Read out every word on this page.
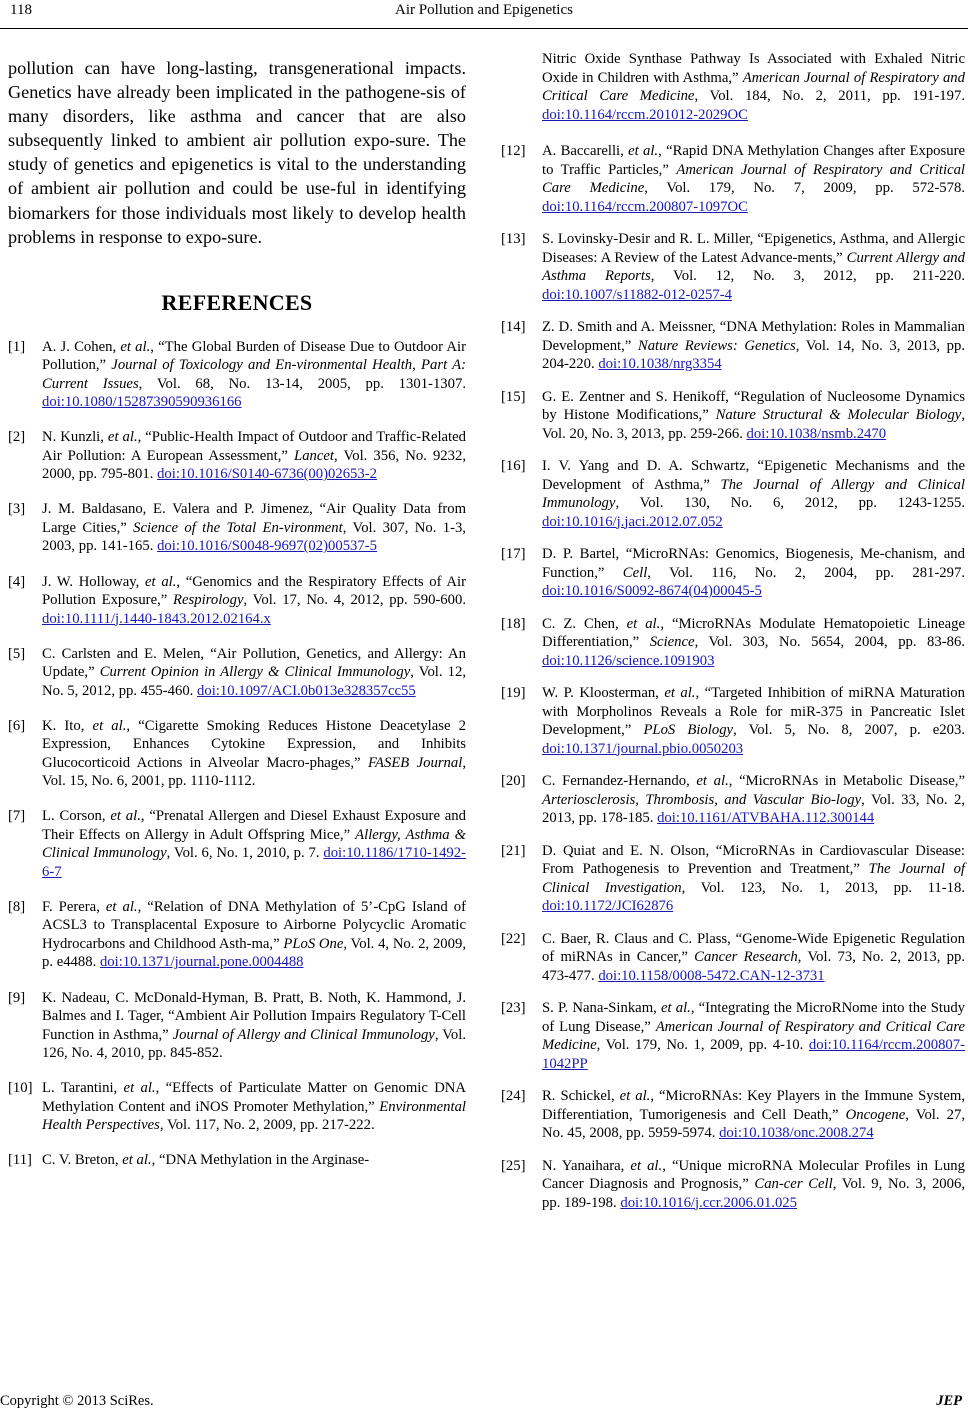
118	Air Pollution and Epigenetics

pollution can have long-lasting, transgenerational impacts. Genetics have already been implicated in the pathogene-sis of many disorders, like asthma and cancer that are also subsequently linked to ambient air pollution expo-sure. The study of genetics and epigenetics is vital to the understanding of ambient air pollution and could be use-ful in identifying biomarkers for those individuals most likely to develop health problems in response to expo-sure.

REFERENCES
[1] A. J. Cohen, et al., “The Global Burden of Disease Due to Outdoor Air Pollution,” Journal of Toxicology and En-vironmental Health, Part A: Current Issues, Vol. 68, No. 13-14, 2005, pp. 1301-1307. doi:10.1080/15287390590936166
[2] N. Kunzli, et al., “Public-Health Impact of Outdoor and Traffic-Related Air Pollution: A European Assessment,” Lancet, Vol. 356, No. 9232, 2000, pp. 795-801. doi:10.1016/S0140-6736(00)02653-2
[3] J. M. Baldasano, E. Valera and P. Jimenez, “Air Quality Data from Large Cities,” Science of the Total En-vironment, Vol. 307, No. 1-3, 2003, pp. 141-165. doi:10.1016/S0048-9697(02)00537-5
[4] J. W. Holloway, et al., “Genomics and the Respiratory Effects of Air Pollution Exposure,” Respirology, Vol. 17, No. 4, 2012, pp. 590-600. doi:10.1111/j.1440-1843.2012.02164.x
[5] C. Carlsten and E. Melen, “Air Pollution, Genetics, and Allergy: An Update,” Current Opinion in Allergy & Clinical Immunology, Vol. 12, No. 5, 2012, pp. 455-460. doi:10.1097/ACI.0b013e328357cc55
[6] K. Ito, et al., “Cigarette Smoking Reduces Histone Deacetylase 2 Expression, Enhances Cytokine Expression, and Inhibits Glucocorticoid Actions in Alveolar Macro-phages,” FASEB Journal, Vol. 15, No. 6, 2001, pp. 1110-1112.
[7] L. Corson, et al., “Prenatal Allergen and Diesel Exhaust Exposure and Their Effects on Allergy in Adult Offspring Mice,” Allergy, Asthma & Clinical Immunology, Vol. 6, No. 1, 2010, p. 7. doi:10.1186/1710-1492-6-7
[8] F. Perera, et al., “Relation of DNA Methylation of 5’-CpG Island of ACSL3 to Transplacental Exposure to Airborne Polycyclic Aromatic Hydrocarbons and Childhood Asth-ma,” PLoS One, Vol. 4, No. 2, 2009, p. e4488. doi:10.1371/journal.pone.0004488
[9] K. Nadeau, C. McDonald-Hyman, B. Pratt, B. Noth, K. Hammond, J. Balmes and I. Tager, “Ambient Air Pollution Impairs Regulatory T-Cell Function in Asthma,” Journal of Allergy and Clinical Immunology, Vol. 126, No. 4, 2010, pp. 845-852.
[10] L. Tarantini, et al., “Effects of Particulate Matter on Genomic DNA Methylation Content and iNOS Promoter Methylation,” Environmental Health Perspectives, Vol. 117, No. 2, 2009, pp. 217-222.
[11] C. V. Breton, et al., “DNA Methylation in the Arginase-
Nitric Oxide Synthase Pathway Is Associated with Exhaled Nitric Oxide in Children with Asthma,” American Journal of Respiratory and Critical Care Medicine, Vol. 184, No. 2, 2011, pp. 191-197. doi:10.1164/rccm.201012-2029OC
[12] A. Baccarelli, et al., “Rapid DNA Methylation Changes after Exposure to Traffic Particles,” American Journal of Respiratory and Critical Care Medicine, Vol. 179, No. 7, 2009, pp. 572-578. doi:10.1164/rccm.200807-1097OC
[13] S. Lovinsky-Desir and R. L. Miller, “Epigenetics, Asthma, and Allergic Diseases: A Review of the Latest Advance-ments,” Current Allergy and Asthma Reports, Vol. 12, No. 3, 2012, pp. 211-220. doi:10.1007/s11882-012-0257-4
[14] Z. D. Smith and A. Meissner, “DNA Methylation: Roles in Mammalian Development,” Nature Reviews: Genetics, Vol. 14, No. 3, 2013, pp. 204-220. doi:10.1038/nrg3354
[15] G. E. Zentner and S. Henikoff, “Regulation of Nucleosome Dynamics by Histone Modifications,” Nature Structural & Molecular Biology, Vol. 20, No. 3, 2013, pp. 259-266. doi:10.1038/nsmb.2470
[16] I. V. Yang and D. A. Schwartz, “Epigenetic Mechanisms and the Development of Asthma,” The Journal of Allergy and Clinical Immunology, Vol. 130, No. 6, 2012, pp. 1243-1255. doi:10.1016/j.jaci.2012.07.052
[17] D. P. Bartel, “MicroRNAs: Genomics, Biogenesis, Me-chanism, and Function,” Cell, Vol. 116, No. 2, 2004, pp. 281-297. doi:10.1016/S0092-8674(04)00045-5
[18] C. Z. Chen, et al., “MicroRNAs Modulate Hematopoietic Lineage Differentiation,” Science, Vol. 303, No. 5654, 2004, pp. 83-86. doi:10.1126/science.1091903
[19] W. P. Kloosterman, et al., “Targeted Inhibition of miRNA Maturation with Morpholinos Reveals a Role for miR-375 in Pancreatic Islet Development,” PLoS Biology, Vol. 5, No. 8, 2007, p. e203. doi:10.1371/journal.pbio.0050203
[20] C. Fernandez-Hernando, et al., “MicroRNAs in Metabolic Disease,” Arteriosclerosis, Thrombosis, and Vascular Bio-logy, Vol. 33, No. 2, 2013, pp. 178-185. doi:10.1161/ATVBAHA.112.300144
[21] D. Quiat and E. N. Olson, “MicroRNAs in Cardiovascular Disease: From Pathogenesis to Prevention and Treatment,” The Journal of Clinical Investigation, Vol. 123, No. 1, 2013, pp. 11-18. doi:10.1172/JCI62876
[22] C. Baer, R. Claus and C. Plass, “Genome-Wide Epigenetic Regulation of miRNAs in Cancer,” Cancer Research, Vol. 73, No. 2, 2013, pp. 473-477. doi:10.1158/0008-5472.CAN-12-3731
[23] S. P. Nana-Sinkam, et al., “Integrating the MicroRNome into the Study of Lung Disease,” American Journal of Respiratory and Critical Care Medicine, Vol. 179, No. 1, 2009, pp. 4-10. doi:10.1164/rccm.200807-1042PP
[24] R. Schickel, et al., “MicroRNAs: Key Players in the Immune System, Differentiation, Tumorigenesis and Cell Death,” Oncogene, Vol. 27, No. 45, 2008, pp. 5959-5974. doi:10.1038/onc.2008.274
[25] N. Yanaihara, et al., “Unique microRNA Molecular Profiles in Lung Cancer Diagnosis and Prognosis,” Can-cer Cell, Vol. 9, No. 3, 2006, pp. 189-198. doi:10.1016/j.ccr.2006.01.025
Copyright © 2013 SciRes.	JEP
